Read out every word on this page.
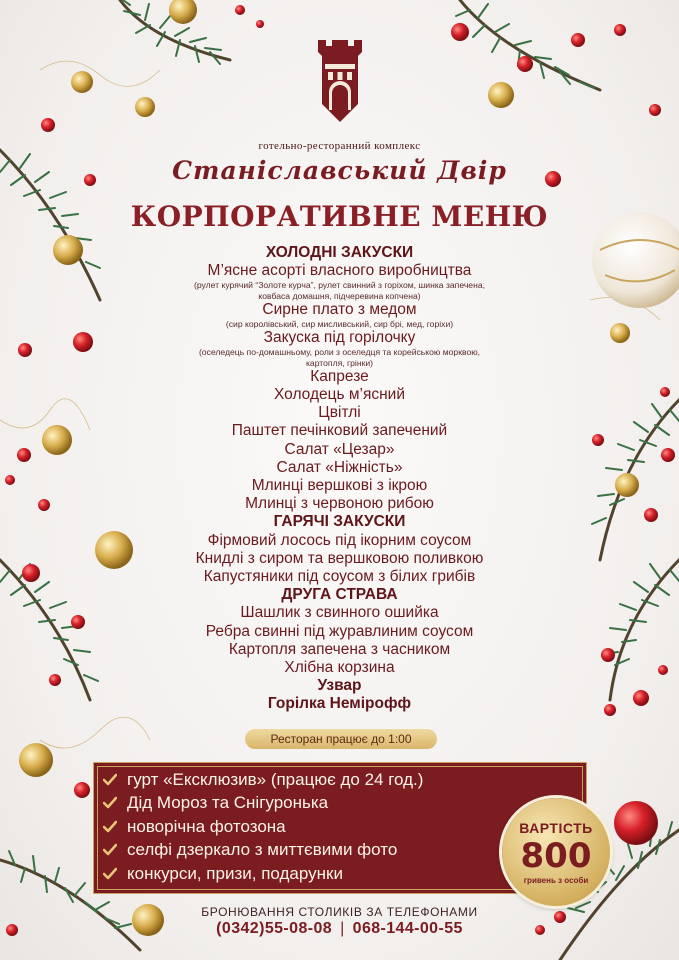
готельно-ресторанний комплекс
Станіславський Двір
КОРПОРАТИВНЕ МЕНЮ
ХОЛОДНІ ЗАКУСКИ
М’ясне асорті власного виробництва
(рулет курячий “Золоте курча”, рулет свинний з горіхом, шинка запечена,
ковбаса домашня, підчеревина копчена)
Сирне плато з медом
(сир королівський, сир мисливський, сир брі, мед, горіхи)
Закуска під горілочку
(оселедець по-домашньому, роли з оселедця та корейською морквою,
картопля, грінки)
Капрезе
Холодець м’ясний
Цвітлі
Паштет печінковий запечений
Салат «Цезар»
Салат «Ніжність»
Млинці вершкові з ікрою
Млинці з червоною рибою
ГАРЯЧІ ЗАКУСКИ
Фірмовий лосось під ікорним соусом
Книдлі з сиром та вершковою поливкою
Капустяники під соусом з білих грибів
ДРУГА СТРАВА
Шашлик з свинного ошийка
Ребра свинні під журавлиним соусом
Картопля запечена з часником
Хлібна корзина
Узвар
Горілка Немірофф
Ресторан працює до 1:00
гурт «Ексклюзив» (працює до 24 год.)
Дід Мороз та Снігуронька
новорічна фотозона
селфі дзеркало з миттєвими фото
конкурси, призи, подарунки
ВАРТІСТЬ
800
гривень з особи
БРОНЮВАННЯ СТОЛИКІВ ЗА ТЕЛЕФОНАМИ
(0342)55-08-08 | 068-144-00-55
